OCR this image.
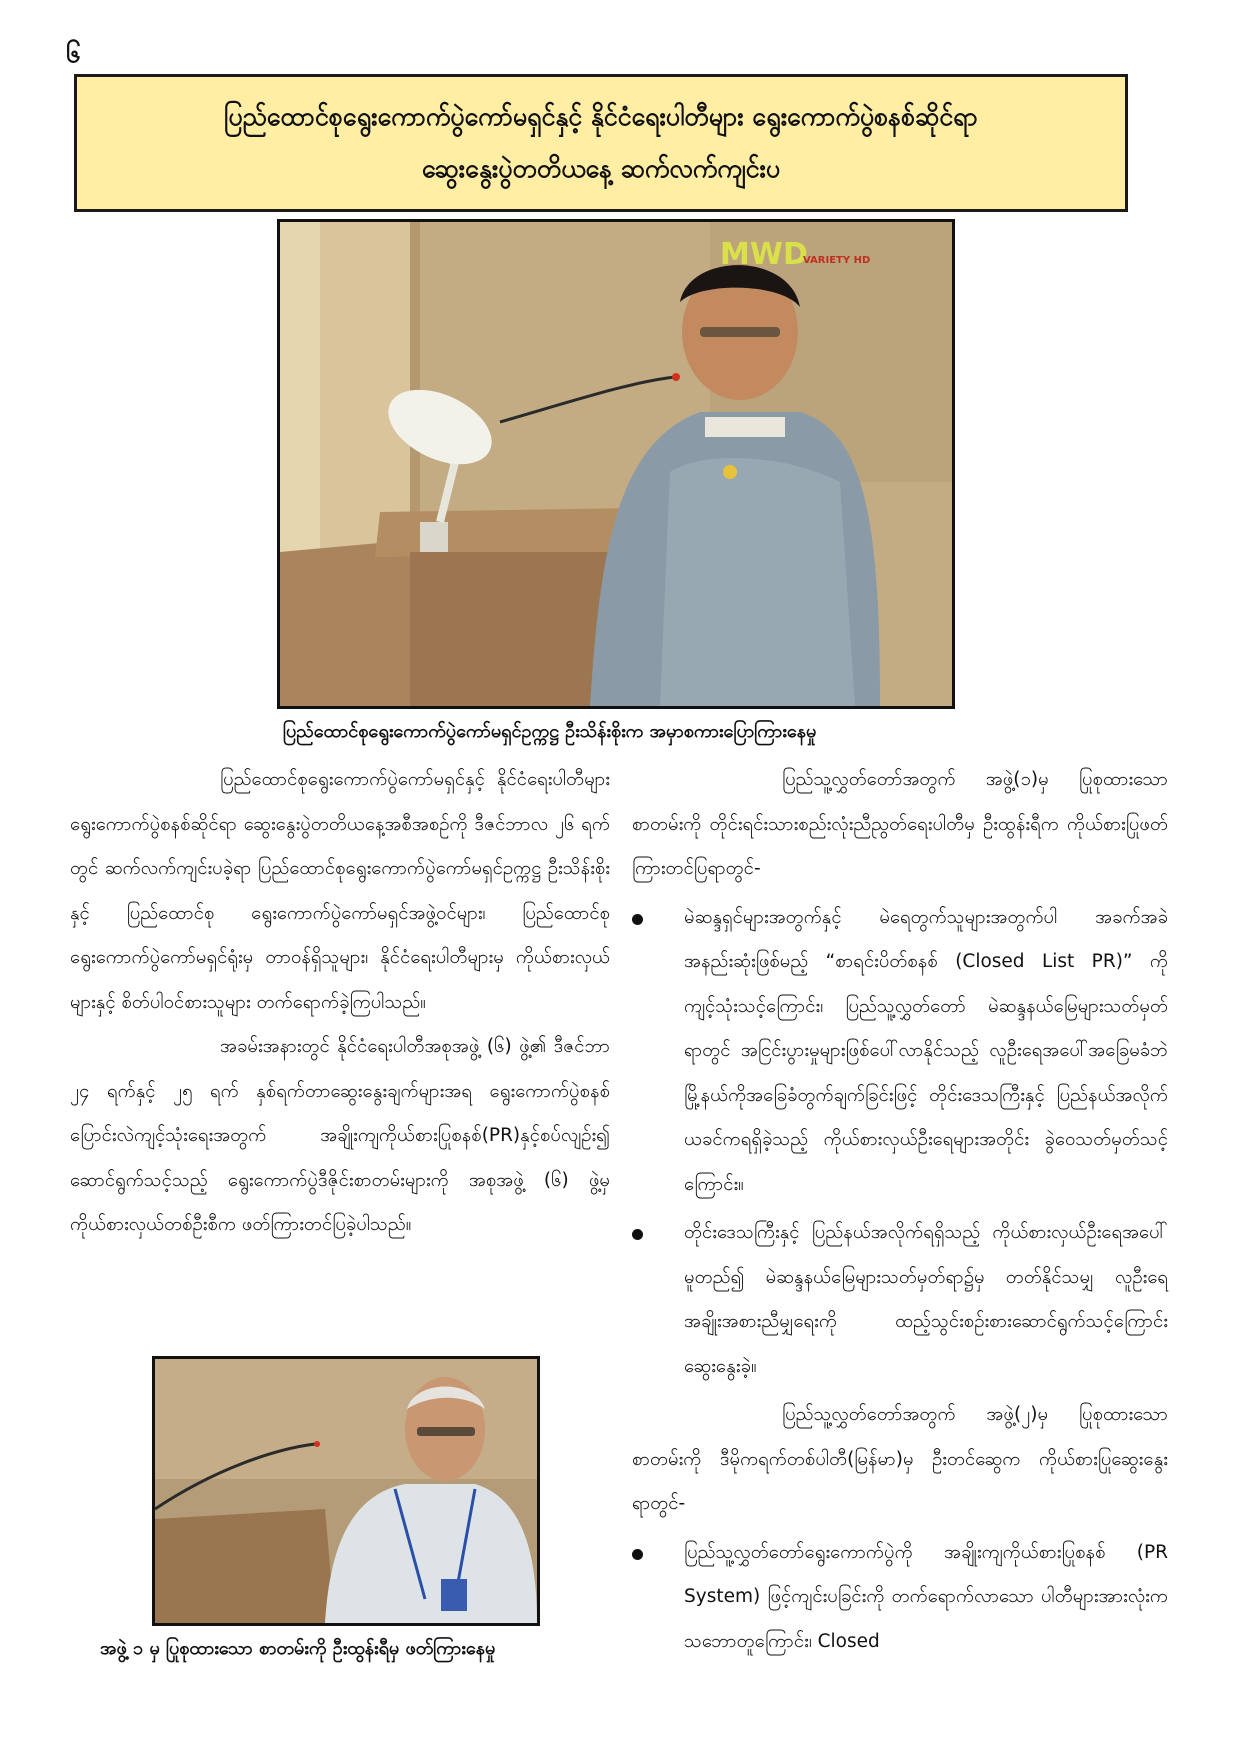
၆
ပြည်ထောင်စုရွေးကောက်ပွဲကော်မရှင်နှင့် နိုင်ငံရေးပါတီများ ရွေးကောက်ပွဲစနစ်ဆိုင်ရာ
ဆွေးနွေးပွဲတတိယနေ့ ဆက်လက်ကျင်းပ
MWD
VARIETY HD
ပြည်ထောင်စုရွေးကောက်ပွဲကော်မရှင်ဥက္ကဋ္ဌ ဦးသိန်းစိုးက အမှာစကားပြောကြားနေမှု

ပြည်ထောင်စုရွေးကောက်ပွဲကော်မရှင်နှင့် နိုင်ငံရေးပါတီများ ရွေးကောက်ပွဲစနစ်ဆိုင်ရာ ဆွေးနွေးပွဲတတိယနေ့အစီအစဉ်ကို ဒီဇင်ဘာလ ၂၆ ရက်တွင် ဆက်လက်ကျင်းပခဲ့ရာ ပြည်ထောင်စုရွေးကောက်ပွဲကော်မရှင်ဥက္ကဋ္ဌ ဦးသိန်းစိုးနှင့် ပြည်ထောင်စု ရွေးကောက်ပွဲကော်မရှင်အဖွဲ့ဝင်များ၊ ပြည်ထောင်စု ရွေးကောက်ပွဲကော်မရှင်ရုံးမှ တာဝန်ရှိသူများ၊ နိုင်ငံရေးပါတီများမှ ကိုယ်စားလှယ်များနှင့် စိတ်ပါဝင်စားသူများ တက်ရောက်ခဲ့ကြပါသည်။

အခမ်းအနားတွင် နိုင်ငံရေးပါတီအစုအဖွဲ့ (၆) ဖွဲ့၏ ဒီဇင်ဘာ ၂၄ ရက်နှင့် ၂၅ ရက် နှစ်ရက်တာဆွေးနွေးချက်များအရ ရွေးကောက်ပွဲစနစ်ပြောင်းလဲကျင့်သုံးရေးအတွက် အချိုးကျကိုယ်စားပြုစနစ်(PR)နှင့်စပ်လျဉ်း၍ ဆောင်ရွက်သင့်သည့် ရွေးကောက်ပွဲဒီဇိုင်းစာတမ်းများကို အစုအဖွဲ့ (၆) ဖွဲ့မှ ကိုယ်စားလှယ်တစ်ဦးစီက ဖတ်ကြားတင်ပြခဲ့ပါသည်။

အဖွဲ့ ၁ မှ ပြုစုထားသော စာတမ်းကို ဦးထွန်းရီမှ ဖတ်ကြားနေမှု

ပြည်သူ့လွှတ်တော်အတွက် အဖွဲ့(၁)မှ ပြုစုထားသော စာတမ်းကို တိုင်းရင်းသားစည်းလုံးညီညွတ်ရေးပါတီမှ ဦးထွန်းရီက ကိုယ်စားပြုဖတ်ကြားတင်ပြရာတွင်-

မဲဆန္ဒရှင်များအတွက်နှင့် မဲရေတွက်သူများအတွက်ပါ အခက်အခဲအနည်းဆုံးဖြစ်မည့် “စာရင်းပိတ်စနစ် (Closed List PR)” ကို ကျင့်သုံးသင့်ကြောင်း၊ ပြည်သူ့လွှတ်တော် မဲဆန္ဒနယ်မြေများသတ်မှတ်ရာတွင် အငြင်းပွားမှုများဖြစ်ပေါ်လာနိုင်သည့် လူဦးရေအပေါ်အခြေမခံဘဲ မြို့နယ်ကိုအခြေခံတွက်ချက်ခြင်းဖြင့် တိုင်းဒေသကြီးနှင့် ပြည်နယ်အလိုက် ယခင်ကရရှိခဲ့သည့် ကိုယ်စားလှယ်ဦးရေများအတိုင်း ခွဲဝေသတ်မှတ်သင့်ကြောင်း။

တိုင်းဒေသကြီးနှင့် ပြည်နယ်အလိုက်ရရှိသည့် ကိုယ်စားလှယ်ဦးရေအပေါ် မူတည်၍ မဲဆန္ဒနယ်မြေများသတ်မှတ်ရာ၌မှ တတ်နိုင်သမျှ လူဦးရေအချိုးအစားညီမျှရေးကို ထည့်သွင်းစဉ်းစားဆောင်ရွက်သင့်ကြောင်း ဆွေးနွေးခဲ့။

ပြည်သူ့လွှတ်တော်အတွက် အဖွဲ့(၂)မှ ပြုစုထားသော စာတမ်းကို ဒီမိုကရက်တစ်ပါတီ(မြန်မာ)မှ ဦးတင်ဆွေက ကိုယ်စားပြုဆွေးနွေးရာတွင်-

ပြည်သူ့လွှတ်တော်ရွေးကောက်ပွဲကို အချိုးကျကိုယ်စားပြုစနစ် (PR System) ဖြင့်ကျင်းပခြင်းကို တက်ရောက်လာသော ပါတီများအားလုံးက သဘောတူကြောင်း၊ Closed
